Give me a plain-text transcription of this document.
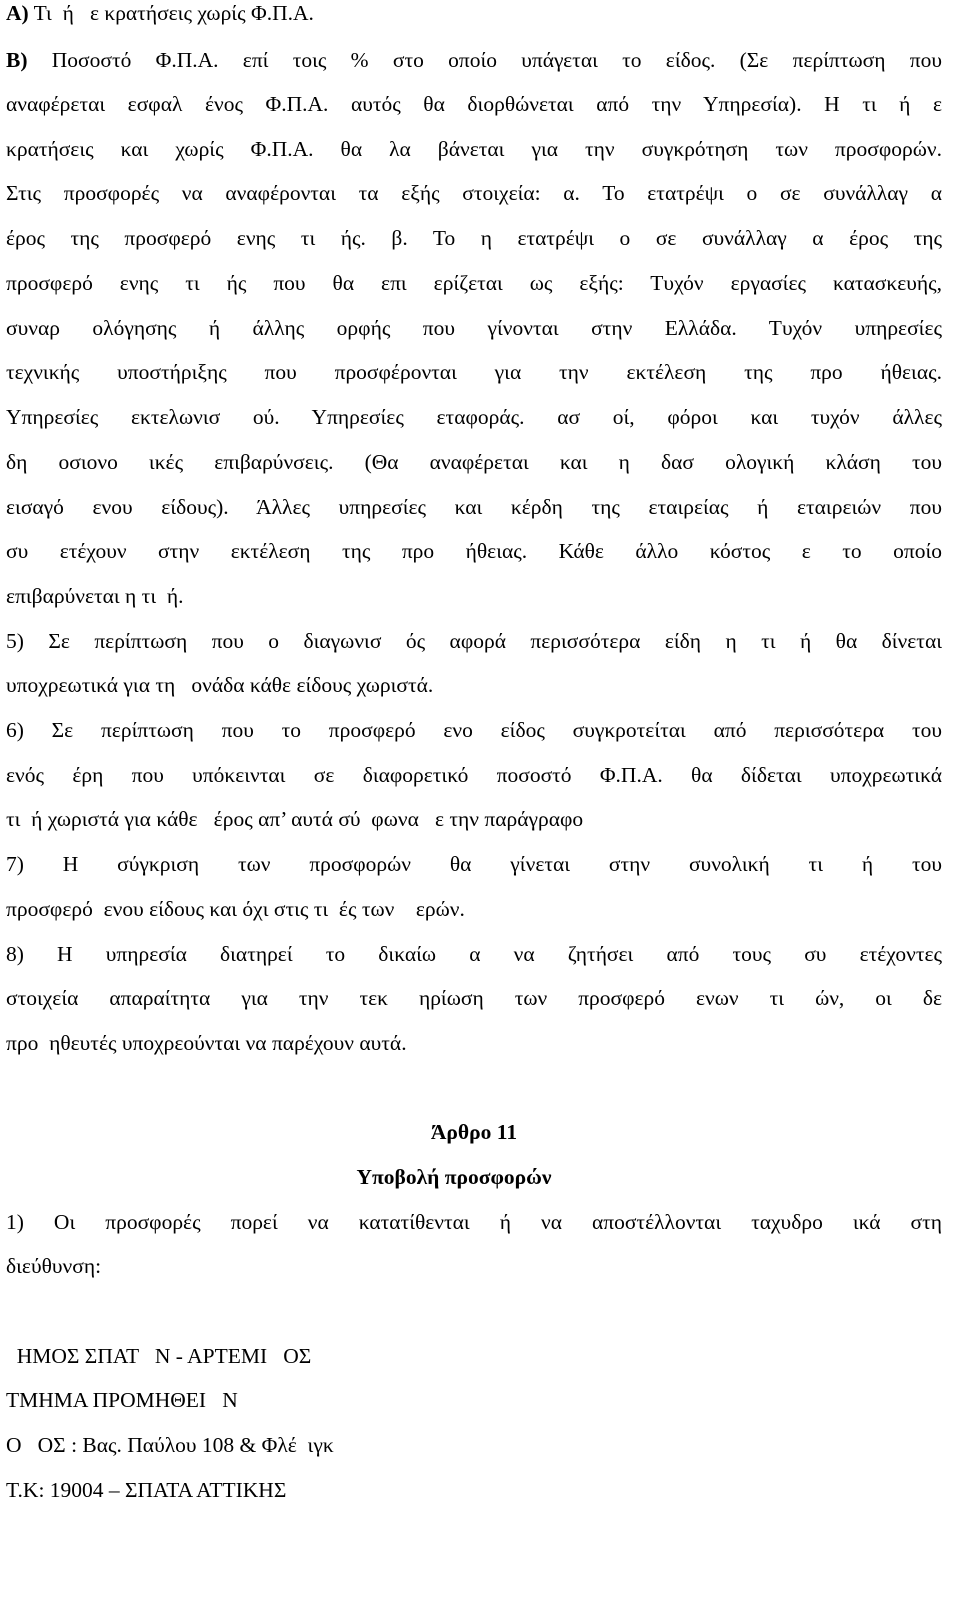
Α) Τι  ή   ε κρατήσεις χωρίς Φ.Π.Α.
Β) Ποσοστό Φ.Π.Α. επί τοις % στο οποίο υπάγεται το είδος. (Σε περίπτωση που
αναφέρεται εσφαλ ένος Φ.Π.Α. αυτός θα διορθώνεται από την Υπηρεσία). Η τι ή ε
κρατήσεις και χωρίς Φ.Π.Α. θα λα βάνεται για την συγκρότηση των προσφορών.
Στις προσφορές να αναφέρονται τα εξής στοιχεία: α. Το ετατρέψι ο σε συνάλλαγ α
έρος της προσφερό ενης τι ής. β. Το η ετατρέψι ο σε συνάλλαγ α έρος της
προσφερό ενης τι ής που θα επι ερίζεται ως εξής: Τυχόν εργασίες κατασκευής,
συναρ ολόγησης ή άλλης ορφής που γίνονται στην Ελλάδα. Τυχόν υπηρεσίες
τεχνικής υποστήριξης που προσφέρονται για την εκτέλεση της προ ήθειας.
Υπηρεσίες εκτελωνισ ού. Υπηρεσίες εταφοράς. ασ οί, φόροι και τυχόν άλλες
δη οσιονο ικές επιβαρύνσεις. (Θα αναφέρεται και η δασ ολογική κλάση του
εισαγό ενου είδους). Άλλες υπηρεσίες και κέρδη της εταιρείας ή εταιρειών που
συ ετέχουν στην εκτέλεση της προ ήθειας. Κάθε άλλο κόστος ε το οποίο
επιβαρύνεται η τι  ή.
5) Σε περίπτωση που ο διαγωνισ ός αφορά περισσότερα είδη η τι ή θα δίνεται
υποχρεωτικά για τη   ονάδα κάθε είδους χωριστά.
6) Σε περίπτωση που το προσφερό ενο είδος συγκροτείται από περισσότερα του
ενός έρη που υπόκεινται σε διαφορετικό ποσοστό Φ.Π.Α. θα δίδεται υποχρεωτικά
τι  ή χωριστά για κάθε   έρος απ’ αυτά σύ  φωνα   ε την παράγραφο
7) Η σύγκριση των προσφορών θα γίνεται στην συνολική τι ή του
προσφερό  ενου είδους και όχι στις τι  ές των    ερών.
8) Η υπηρεσία διατηρεί το δικαίω α να ζητήσει από τους συ ετέχοντες
στοιχεία απαραίτητα για την τεκ ηρίωση των προσφερό ενων τι ών, οι δε
προ  ηθευτές υποχρεούνται να παρέχουν αυτά.
Άρθρο 11
Υποβολή προσφορών
1) Οι προσφορές πορεί να κατατίθενται ή να αποστέλλονται ταχυδρο ικά στη
διεύθυνση:
ΗΜΟΣ ΣΠΑΤ   Ν - ΑΡΤΕΜΙ   ΟΣ
ΤΜΗΜΑ ΠΡΟΜΗΘΕΙ   Ν
Ο   ΟΣ : Βας. Παύλου 108 & Φλέ  ιγκ
Τ.Κ: 19004 – ΣΠΑΤΑ ΑΤΤΙΚΗΣ
